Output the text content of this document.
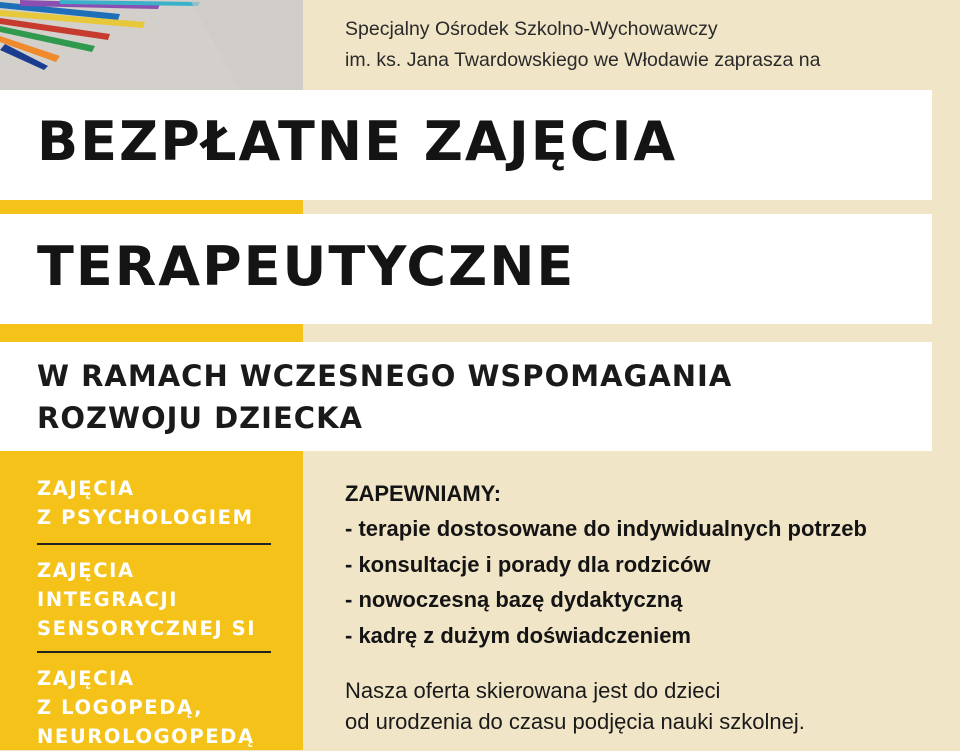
Specjalny Ośrodek Szkolno-Wychowawczy
im. ks. Jana Twardowskiego we Włodawie zaprasza na
BEZPŁATNE ZAJĘCIA
TERAPEUTYCZNE
W RAMACH WCZESNEGO WSPOMAGANIA
ROZWOJU DZIECKA
ZAJĘCIA
Z PSYCHOLOGIEM
ZAJĘCIA
INTEGRACJI
SENSORYCZNEJ SI
ZAJĘCIA
Z LOGOPEDĄ,
NEUROLOGOPEDĄ
ZAPEWNIAMY:
- terapie dostosowane do indywidualnych potrzeb
- konsultacje i porady dla rodziców
- nowoczesną bazę dydaktyczną
- kadrę z dużym doświadczeniem
Nasza oferta skierowana jest do dzieci
od urodzenia do czasu podjęcia nauki szkolnej.
